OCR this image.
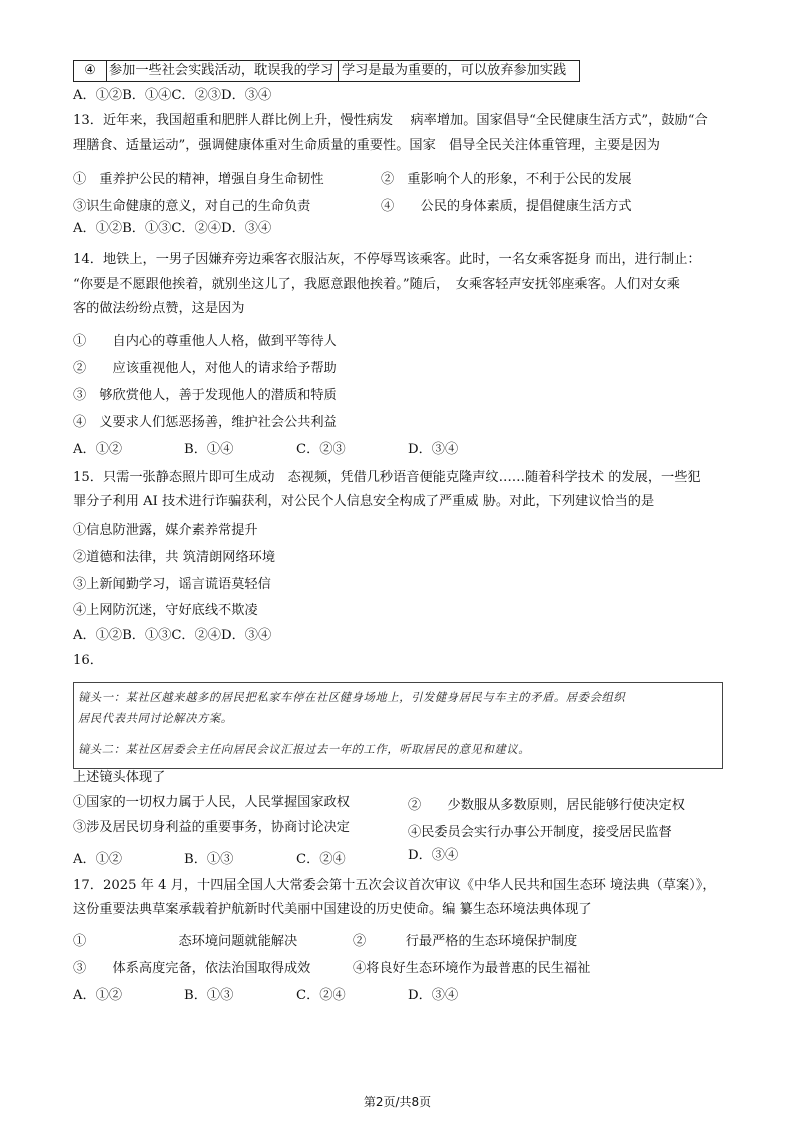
④ 参加一些社会实践活动，耽误我的学习 学习是最为重要的，可以放弃参加实践
A．①②B．①④C．②③D．③④
13．近年来，我国超重和肥胖人群比例上升，慢性病发　 病率增加。国家倡导“全民健康生活方式”，鼓励“合
理膳食、适量运动”，强调健康体重对生命质量的重要性。国家　倡导全民关注体重管理，主要是因为
①　重养护公民的精神，增强自身生命韧性	②　重影响个人的形象，不利于公民的发展
③识生命健康的意义，对自己的生命负责	④　　公民的身体素质，提倡健康生活方式
A．①②B．①③C．②④D．③④
14．地铁上，一男子因嫌弃旁边乘客衣服沾灰，不停辱骂该乘客。此时，一名女乘客挺身 而出，进行制止：
“你要是不愿跟他挨着，就别坐这儿了，我愿意跟他挨着。”随后，　女乘客轻声安抚邻座乘客。人们对女乘
客的做法纷纷点赞，这是因为
①　　自内心的尊重他人人格，做到平等待人
②　　应该重视他人，对他人的请求给予帮助
③　够欣赏他人，善于发现他人的潜质和特质
④　义要求人们惩恶扬善，维护社会公共利益
A．①②	B．①④	C．②③	D．③④
15．只需一张静态照片即可生成动　态视频，凭借几秒语音便能克隆声纹……随着科学技术 的发展，一些犯
罪分子利用 AI 技术进行诈骗获利，对公民个人信息安全构成了严重威 胁。对此，下列建议恰当的是
①信息防泄露，媒介素养常提升
②道德和法律，共 筑清朗网络环境
③上新闻勤学习，谣言谎语莫轻信
④上网防沉迷，守好底线不欺凌
A．①②B．①③C．②④D．③④
16．
镜头一：某社区越来越多的居民把私家车停在社区健身场地上，引发健身居民与车主的矛盾。居委会组织
居民代表共同讨论解决方案。
镜头二：某社区居委会主任向居民会议汇报过去一年的工作，听取居民的意见和建议。
上述镜头体现了
①国家的一切权力属于人民，人民掌握国家政权	②　　少数服从多数原则，居民能够行使决定权
③涉及居民切身利益的重要事务，协商讨论决定	④民委员会实行办事公开制度，接受居民监督
A．①②	B．①③	C．②④	D．③④
17．2025 年 4 月，十四届全国人大常委会第十五次会议首次审议《中华人民共和国生态环 境法典（草案）》，
这份重要法典草案承载着护航新时代美丽中国建设的历史使命。编 纂生态环境法典体现了
①　　　　　　　态环境问题就能解决	②　　　行最严格的生态环境保护制度
③　　体系高度完备，依法治国取得成效	④将良好生态环境作为最普惠的民生福祉
A．①②	B．①③	C．②④	D．③④
第2页/共8页
